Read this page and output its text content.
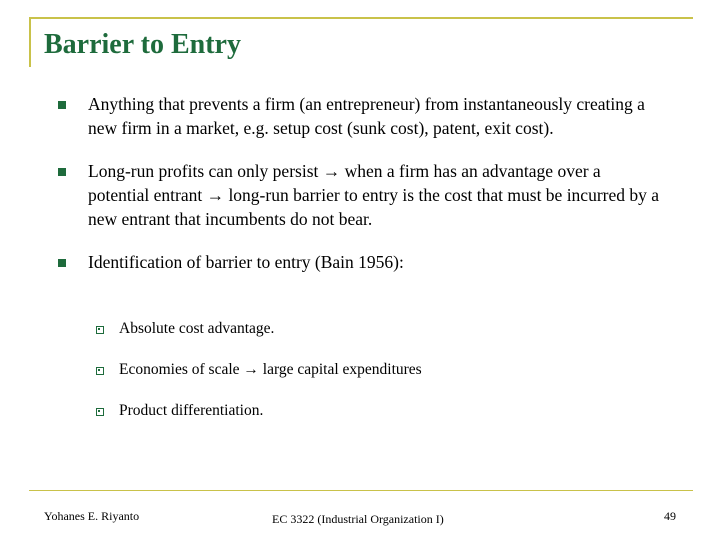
Barrier to Entry
Anything that prevents a firm (an entrepreneur) from instantaneously creating a new firm in a market, e.g. setup cost (sunk cost), patent, exit cost).
Long-run profits can only persist → when a firm has an advantage over a potential entrant → long-run barrier to entry is the cost that must be incurred by a new entrant that incumbents do not bear.
Identification of barrier to entry (Bain 1956):
Absolute cost advantage.
Economies of scale → large capital expenditures
Product differentiation.
Yohanes E. Riyanto	EC 3322 (Industrial Organization I)	49
